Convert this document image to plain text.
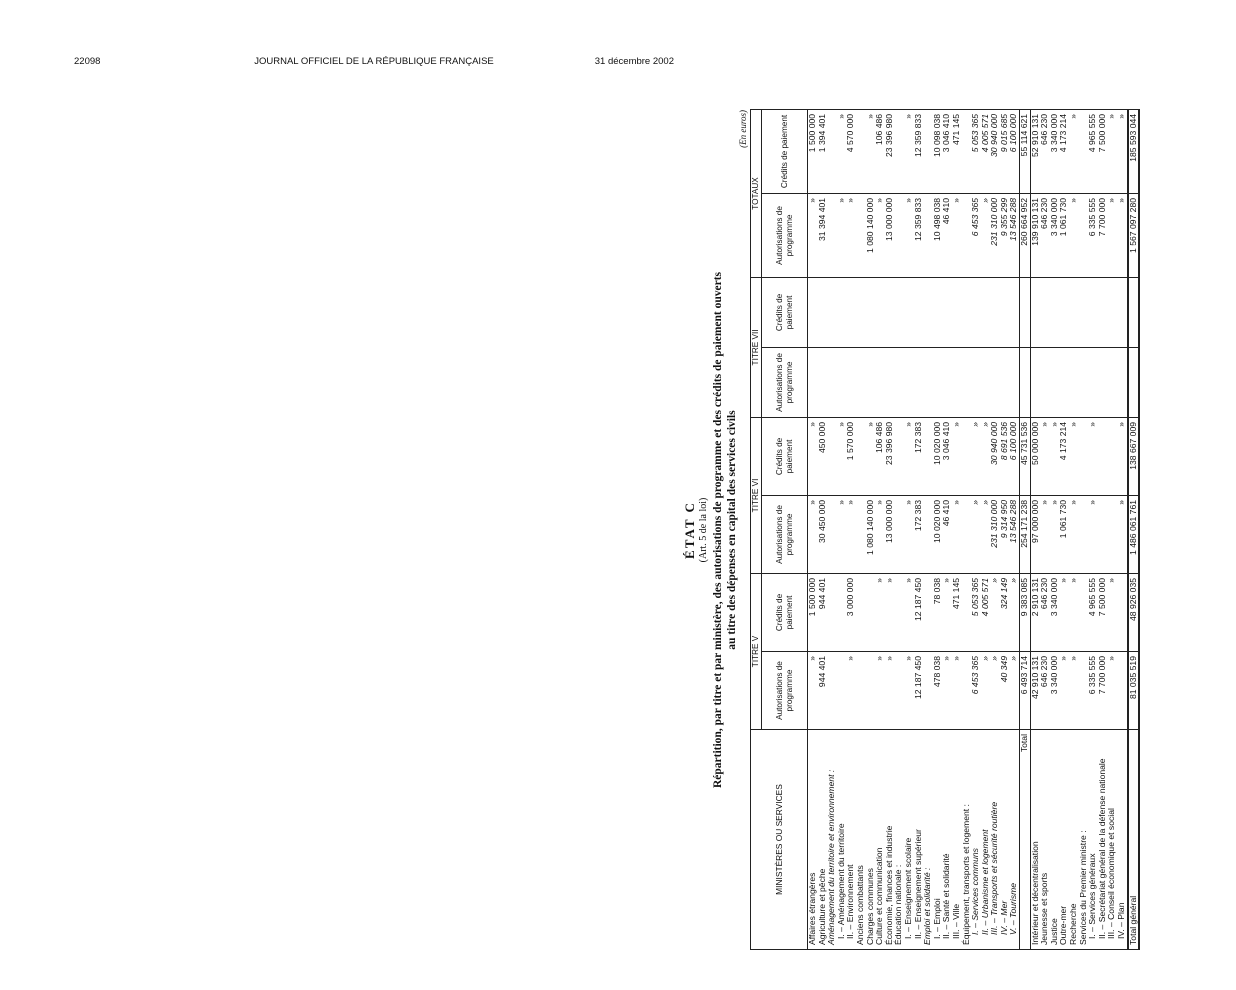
22098	JOURNAL OFFICIEL DE LA RÉPUBLIQUE FRANÇAISE	31 décembre 2002
ÉTAT C (Art. 5 de la loi) Répartition, par titre et par ministère, des autorisations de programme et des crédits de paiement ouverts au titre des dépenses en capital des services civils
(En euros)
MINISTÈRES OU SERVICES	TITRE V		TITRE VI		TITRE VII		TOTAUX	
	Autorisations de programme	Crédits de paiement	Autorisations de programme	Crédits de paiement	Autorisations de programme	Crédits de paiement	Autorisations de programme	Crédits de paiement
Affaires étrangères	»	1 500 000	»	»			»	1 500 000
Agriculture et pêche	944 401	944 401	30 450 000	450 000			31 394 401	1 394 401
Aménagement du territoire et environnement :								
I. – Aménagement du territoire			»	»			»	»
II. – Environnement	»	3 000 000	»	1 570 000			»	4 570 000
Anciens combattants								
Charges communes			1 080 140 000	»			1 080 140 000	»
Culture et communication	»	»	»	106 486			»	106 486
Économie, finances et industrie	»	»	13 000 000	23 396 980			13 000 000	23 396 980
Éducation nationale :								
I. – Enseignement scolaire	»	»	»	»			»	»
II. – Enseignement supérieur	12 187 450	12 187 450	172 383	172 383			12 359 833	12 359 833
Emploi et solidarité :								
I. – Emploi	478 038	78 038	10 020 000	10 020 000			10 498 038	10 098 038
II. – Santé et solidarité	»	»	46 410	3 046 410			46 410	3 046 410
III. – Ville	»	471 145	»	»			»	471 145
Équipement, transports et logement :								
I. – Services communs	6 453 365	5 053 365	»	»			6 453 365	5 053 365
II. – Urbanisme et logement	»	4 005 571	»	»			»	4 005 571
III. – Transports et sécurité routière	»	»	231 310 000	30 940 000			231 310 000	30 940 000
IV. – Mer	40 349	324 149	9 314 950	8 691 536			9 355 299	9 015 685
V. – Tourisme	»	»	13 546 288	6 100 000			13 546 288	6 100 000
Total	6 493 714	9 383 085	254 171 238	45 731 536			260 664 952	55 114 621
Intérieur et décentralisation	42 910 131	2 910 131	97 000 000	50 000 000			139 910 131	52 910 131
Jeunesse et sports	646 230	646 230	»	»			646 230	646 230
Justice	3 340 000	3 340 000	»	»			3 340 000	3 340 000
Outre-mer	»	»	1 061 730	4 173 214			1 061 730	4 173 214
Recherche	»	»	»	»			»	»
Services du Premier ministre :								
I. – Services généraux	6 335 555	4 965 555	»	»			6 335 555	4 965 555
II. – Secrétariat général de la défense nationale	7 700 000	7 500 000					7 700 000	7 500 000
III. – Conseil économique et social	»	»					»	»
IV. – Plan			»	»			»	»
Total général	81 035 519	48 926 035	1 486 061 761	138 667 009			1 567 097 280	185 593 044
